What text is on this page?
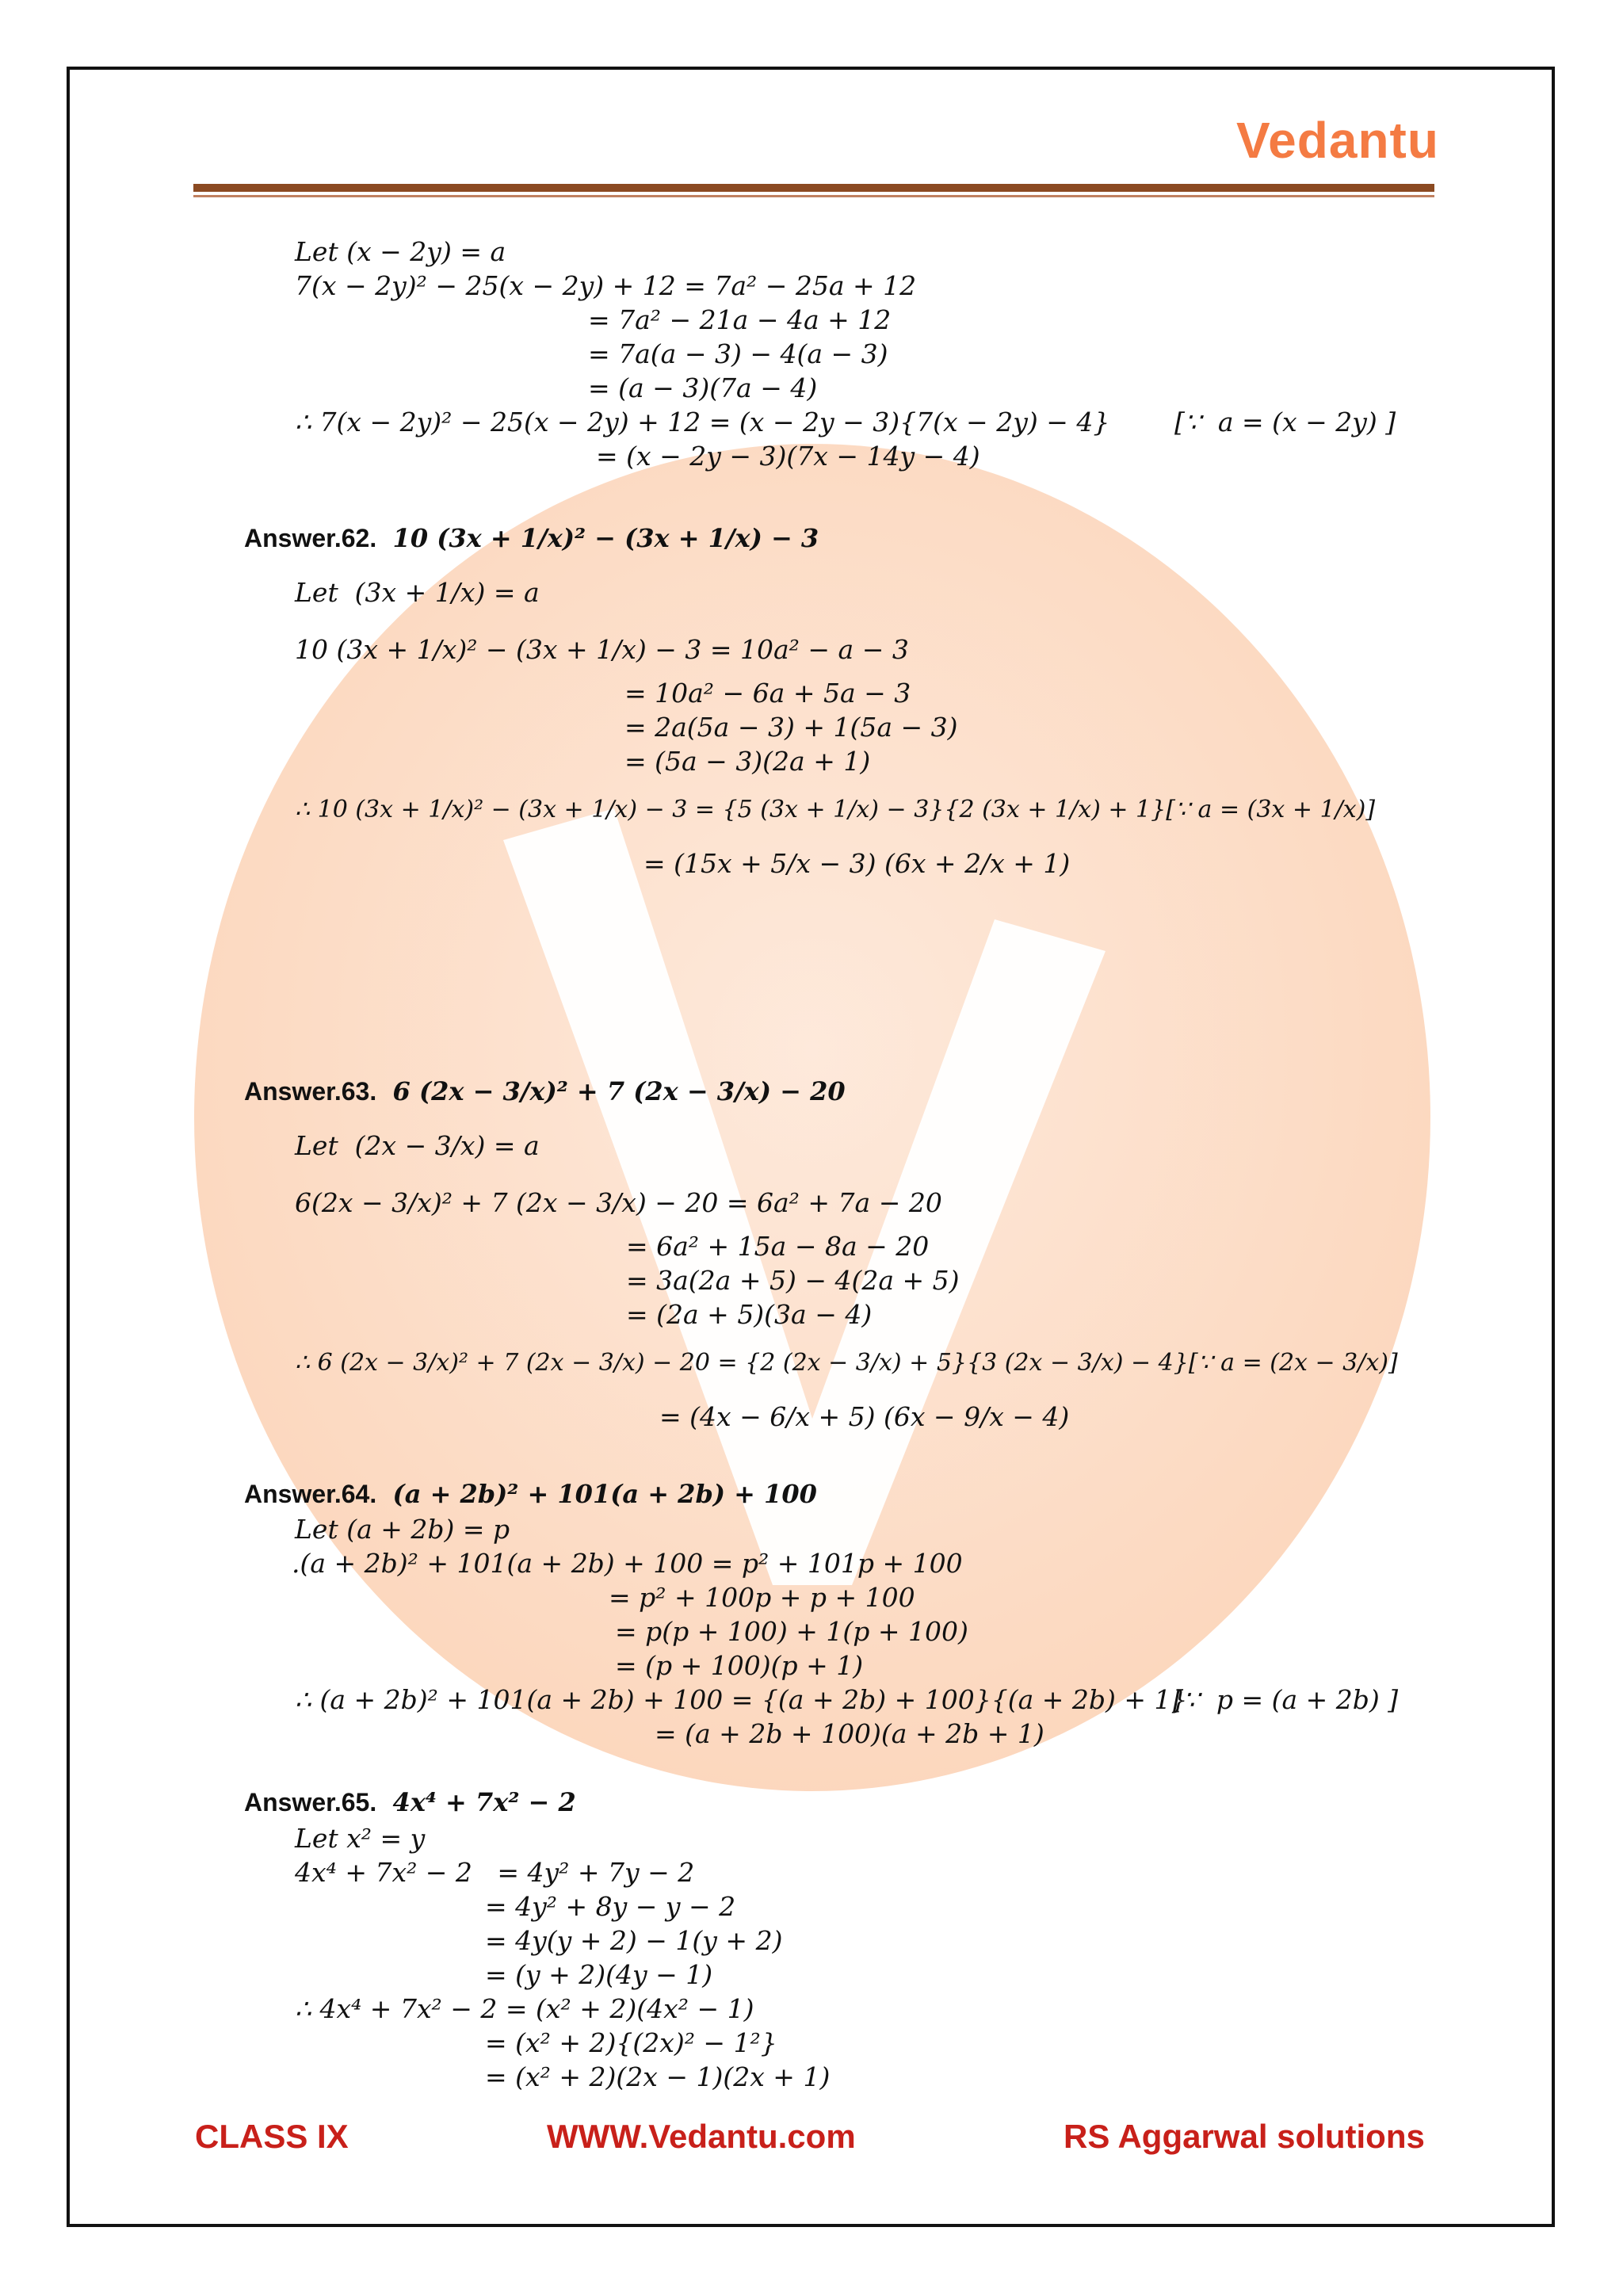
Vedantu
Let (x − 2y) = a
7(x − 2y)² − 25(x − 2y) + 12 = 7a² − 25a + 12
= 7a² − 21a − 4a + 12
= 7a(a − 3) − 4(a − 3)
= (a − 3)(7a − 4)
∴ 7(x − 2y)² − 25(x − 2y) + 12 = (x − 2y − 3){7(x − 2y) − 4} [∵  a = (x − 2y) ]
= (x − 2y − 3)(7x − 14y − 4)
Answer.62. 10 (3x + 1/x)² − (3x + 1/x) − 3
Let  (3x + 1/x) = a
10 (3x + 1/x)² − (3x + 1/x) − 3 = 10a² − a − 3
= 10a² − 6a + 5a − 3
= 2a(5a − 3) + 1(5a − 3)
= (5a − 3)(2a + 1)
∴ 10 (3x + 1/x)² − (3x + 1/x) − 3 = {5 (3x + 1/x) − 3}{2 (3x + 1/x) + 1}[∵ a = (3x + 1/x)]
= (15x + 5/x − 3) (6x + 2/x + 1)
Answer.63. 6 (2x − 3/x)² + 7 (2x − 3/x) − 20
Let  (2x − 3/x) = a
6(2x − 3/x)² + 7 (2x − 3/x) − 20 = 6a² + 7a − 20
= 6a² + 15a − 8a − 20
= 3a(2a + 5) − 4(2a + 5)
= (2a + 5)(3a − 4)
∴ 6 (2x − 3/x)² + 7 (2x − 3/x) − 20 = {2 (2x − 3/x) + 5}{3 (2x − 3/x) − 4}[∵ a = (2x − 3/x)]
= (4x − 6/x + 5) (6x − 9/x − 4)
Answer.64. (a + 2b)² + 101(a + 2b) + 100
Let (a + 2b) = p
.(a + 2b)² + 101(a + 2b) + 100 = p² + 101p + 100
= p² + 100p + p + 100
= p(p + 100) + 1(p + 100)
= (p + 100)(p + 1)
∴ (a + 2b)² + 101(a + 2b) + 100 = {(a + 2b) + 100}{(a + 2b) + 1}
[∵  p = (a + 2b) ]
= (a + 2b + 100)(a + 2b + 1)
Answer.65. 4x⁴ + 7x² − 2
Let x² = y
4x⁴ + 7x² − 2   = 4y² + 7y − 2
= 4y² + 8y − y − 2
= 4y(y + 2) − 1(y + 2)
= (y + 2)(4y − 1)
∴ 4x⁴ + 7x² − 2 = (x² + 2)(4x² − 1)
= (x² + 2){(2x)² − 1²}
= (x² + 2)(2x − 1)(2x + 1)
CLASS IX	WWW.Vedantu.com	RS Aggarwal solutions
